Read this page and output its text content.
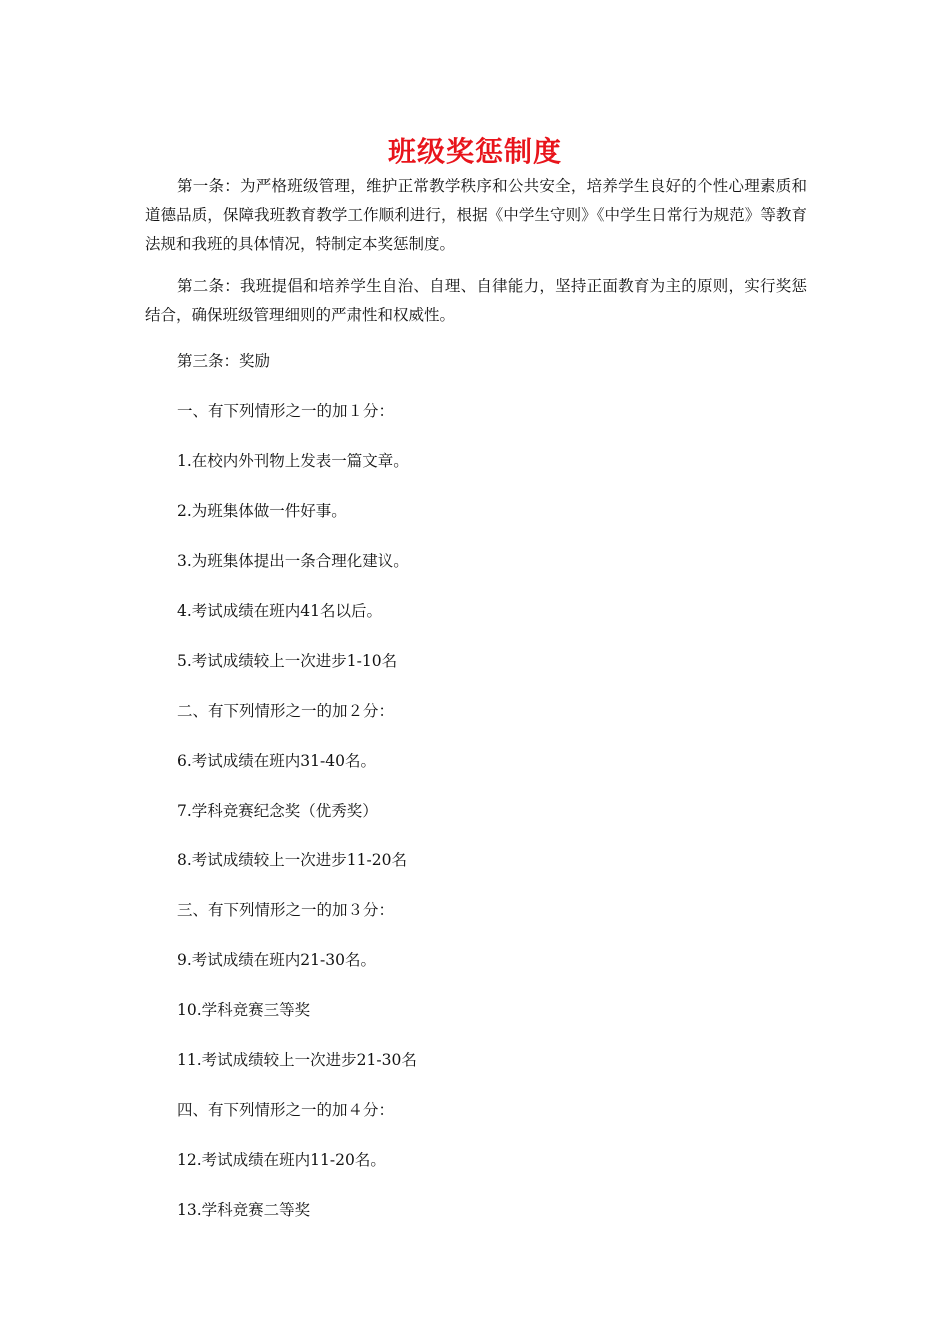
班级奖惩制度

第一条：为严格班级管理，维护正常教学秩序和公共安全，培养学生良好的个性心理素质和道德品质，保障我班教育教学工作顺利进行，根据《中学生守则》《中学生日常行为规范》等教育法规和我班的具体情况，特制定本奖惩制度。

第二条：我班提倡和培养学生自治、自理、自律能力，坚持正面教育为主的原则，实行奖惩结合，确保班级管理细则的严肃性和权威性。

第三条：奖励

一、有下列情形之一的加１分：

1.在校内外刊物上发表一篇文章。

2.为班集体做一件好事。

3.为班集体提出一条合理化建议。

4.考试成绩在班内41名以后。

5.考试成绩较上一次进步1-10名

二、有下列情形之一的加２分：

6.考试成绩在班内31-40名。

7.学科竞赛纪念奖（优秀奖）

8.考试成绩较上一次进步11-20名

三、有下列情形之一的加３分：

9.考试成绩在班内21-30名。

10.学科竞赛三等奖

11.考试成绩较上一次进步21-30名

四、有下列情形之一的加４分：

12.考试成绩在班内11-20名。

13.学科竞赛二等奖
